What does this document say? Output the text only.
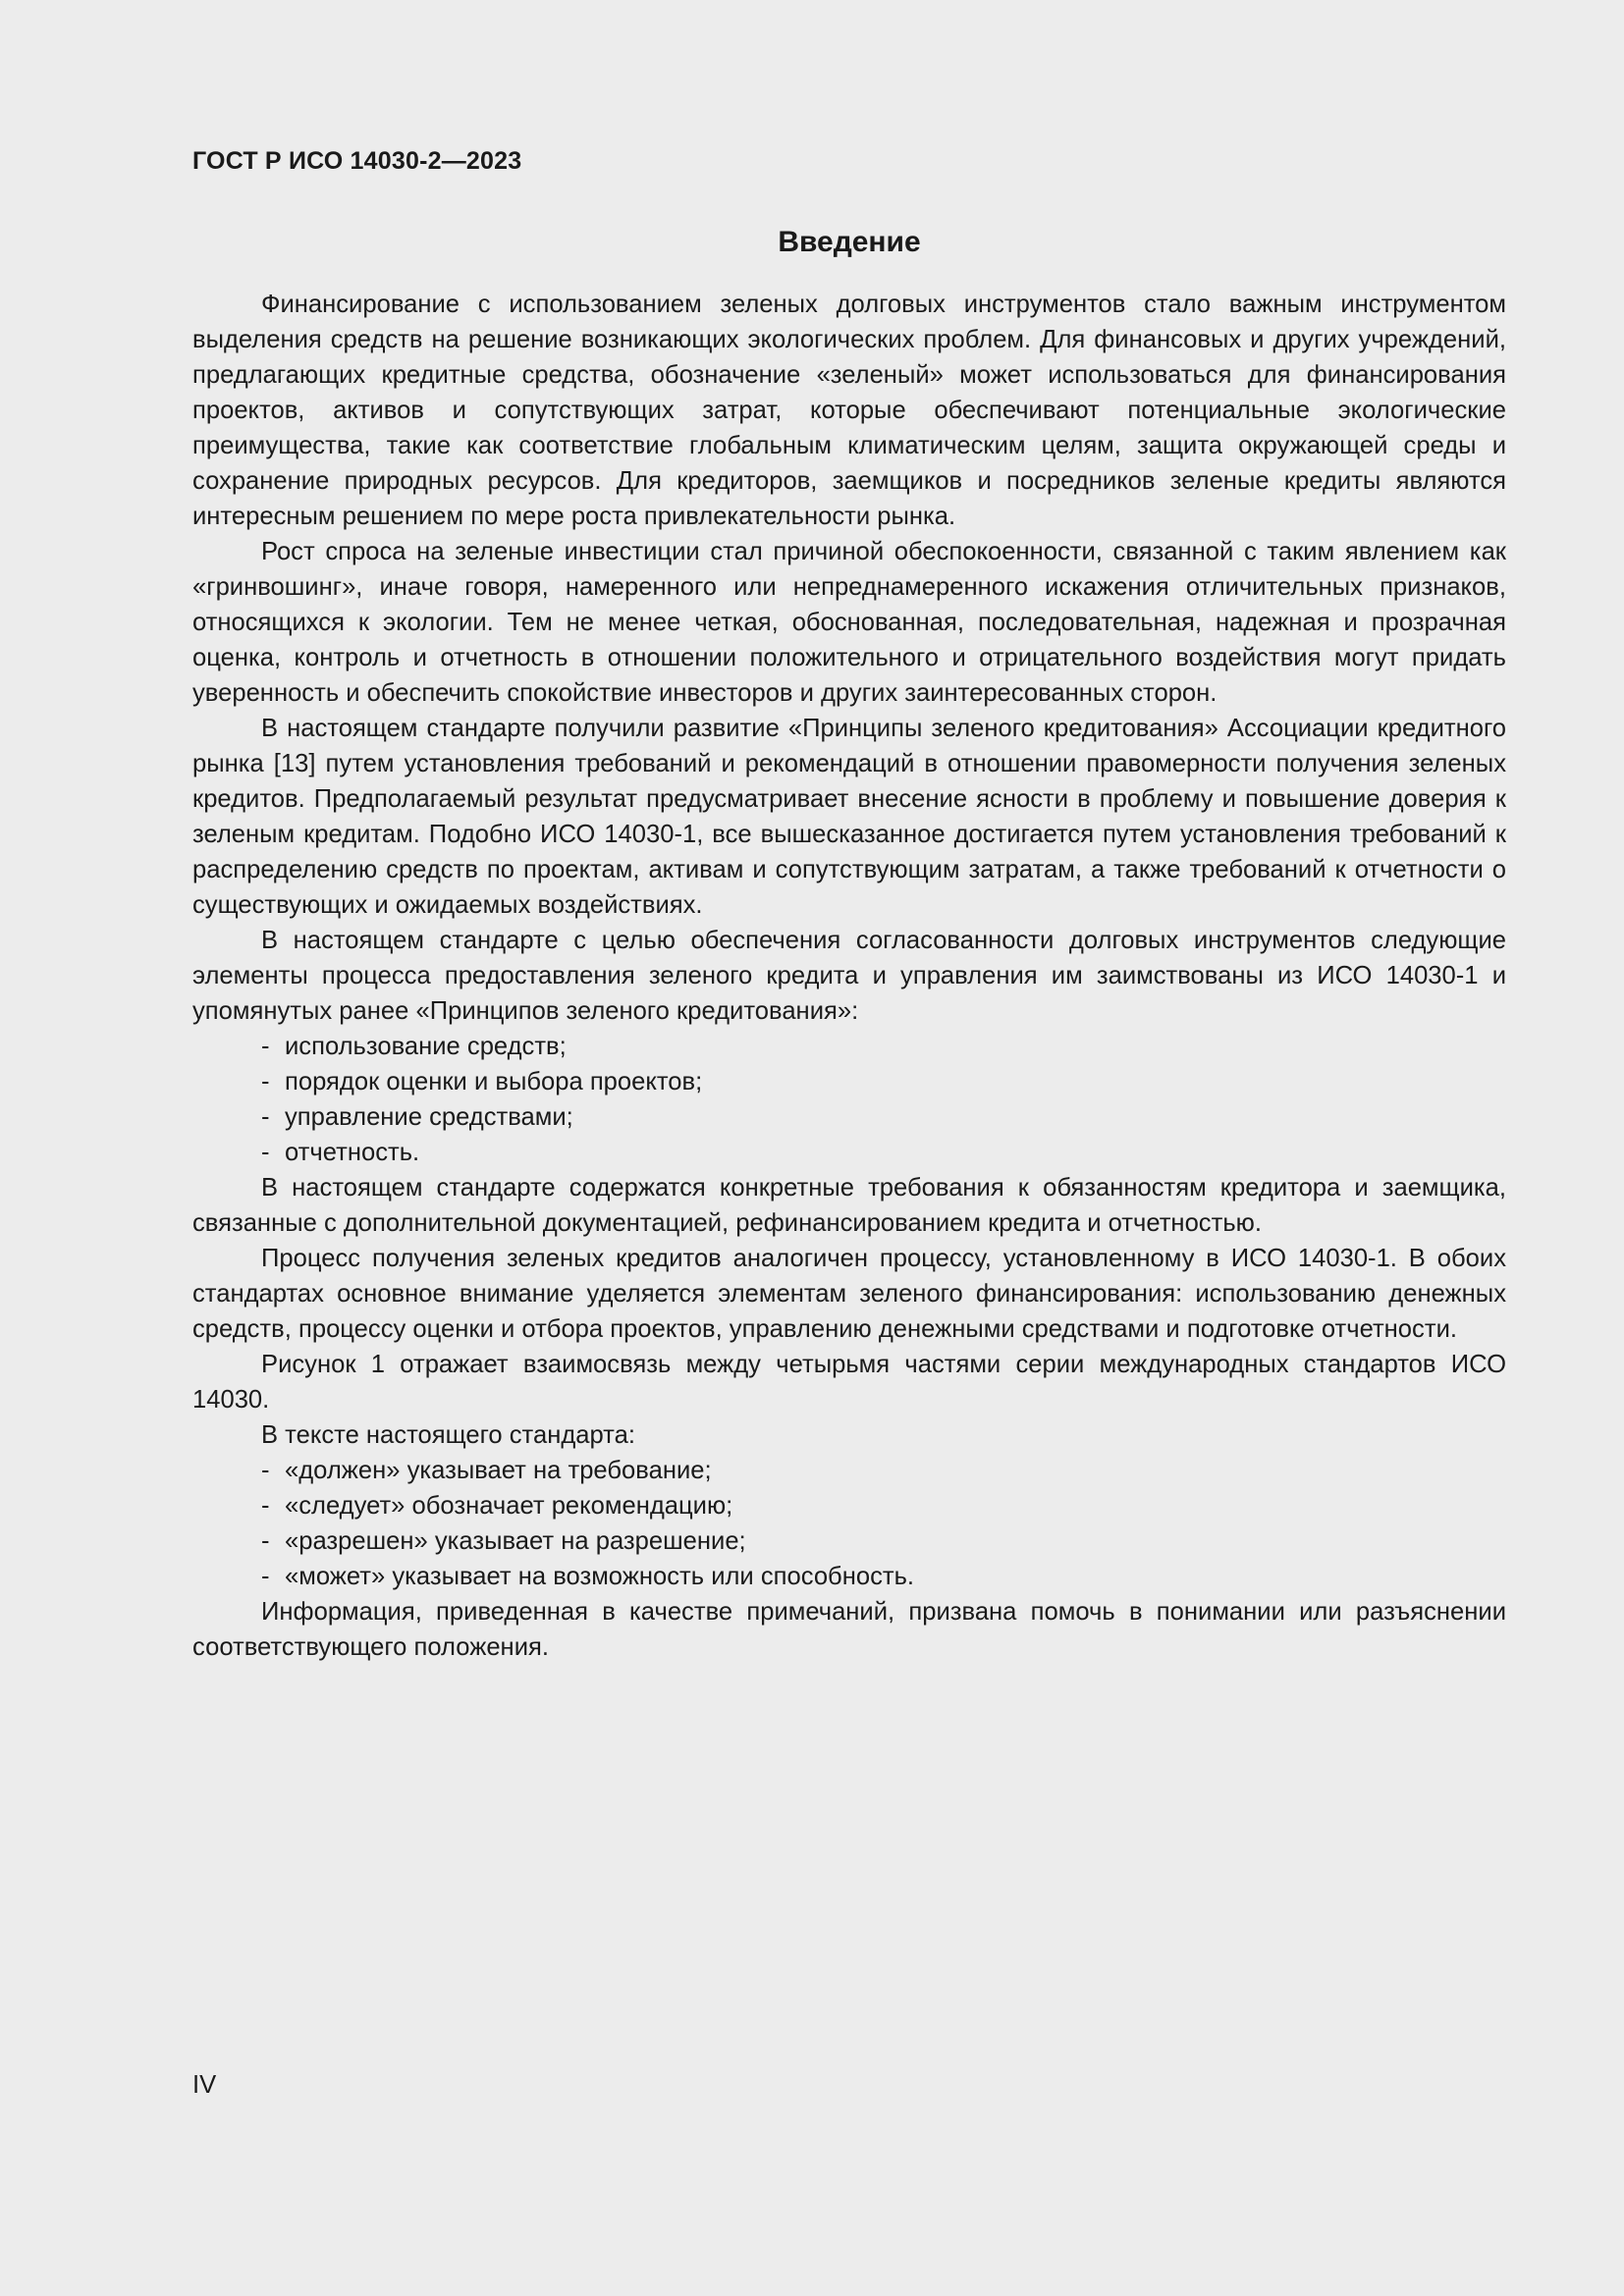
ГОСТ Р ИСО 14030-2—2023
Введение

Финансирование с использованием зеленых долговых инструментов стало важным инструментом выделения средств на решение возникающих экологических проблем. Для финансовых и других учреждений, предлагающих кредитные средства, обозначение «зеленый» может использоваться для финансирования проектов, активов и сопутствующих затрат, которые обеспечивают потенциальные экологические преимущества, такие как соответствие глобальным климатическим целям, защита окружающей среды и сохранение природных ресурсов. Для кредиторов, заемщиков и посредников зеленые кредиты являются интересным решением по мере роста привлекательности рынка.

Рост спроса на зеленые инвестиции стал причиной обеспокоенности, связанной с таким явлением как «гринвошинг», иначе говоря, намеренного или непреднамеренного искажения отличительных признаков, относящихся к экологии. Тем не менее четкая, обоснованная, последовательная, надежная и прозрачная оценка, контроль и отчетность в отношении положительного и отрицательного воздействия могут придать уверенность и обеспечить спокойствие инвесторов и других заинтересованных сторон.

В настоящем стандарте получили развитие «Принципы зеленого кредитования» Ассоциации кредитного рынка [13] путем установления требований и рекомендаций в отношении правомерности получения зеленых кредитов. Предполагаемый результат предусматривает внесение ясности в проблему и повышение доверия к зеленым кредитам. Подобно ИСО 14030-1, все вышесказанное достигается путем установления требований к распределению средств по проектам, активам и сопутствующим затратам, а также требований к отчетности о существующих и ожидаемых воздействиях.

В настоящем стандарте с целью обеспечения согласованности долговых инструментов следующие элементы процесса предоставления зеленого кредита и управления им заимствованы из ИСО 14030-1 и упомянутых ранее «Принципов зеленого кредитования»:

- использование средств;
- порядок оценки и выбора проектов;
- управление средствами;
- отчетность.

В настоящем стандарте содержатся конкретные требования к обязанностям кредитора и заемщика, связанные с дополнительной документацией, рефинансированием кредита и отчетностью.

Процесс получения зеленых кредитов аналогичен процессу, установленному в ИСО 14030-1. В обоих стандартах основное внимание уделяется элементам зеленого финансирования: использованию денежных средств, процессу оценки и отбора проектов, управлению денежными средствами и подготовке отчетности.

Рисунок 1 отражает взаимосвязь между четырьмя частями серии международных стандартов ИСО 14030.

В тексте настоящего стандарта:

- «должен» указывает на требование;
- «следует» обозначает рекомендацию;
- «разрешен» указывает на разрешение;
- «может» указывает на возможность или способность.

Информация, приведенная в качестве примечаний, призвана помочь в понимании или разъяснении соответствующего положения.

IV
